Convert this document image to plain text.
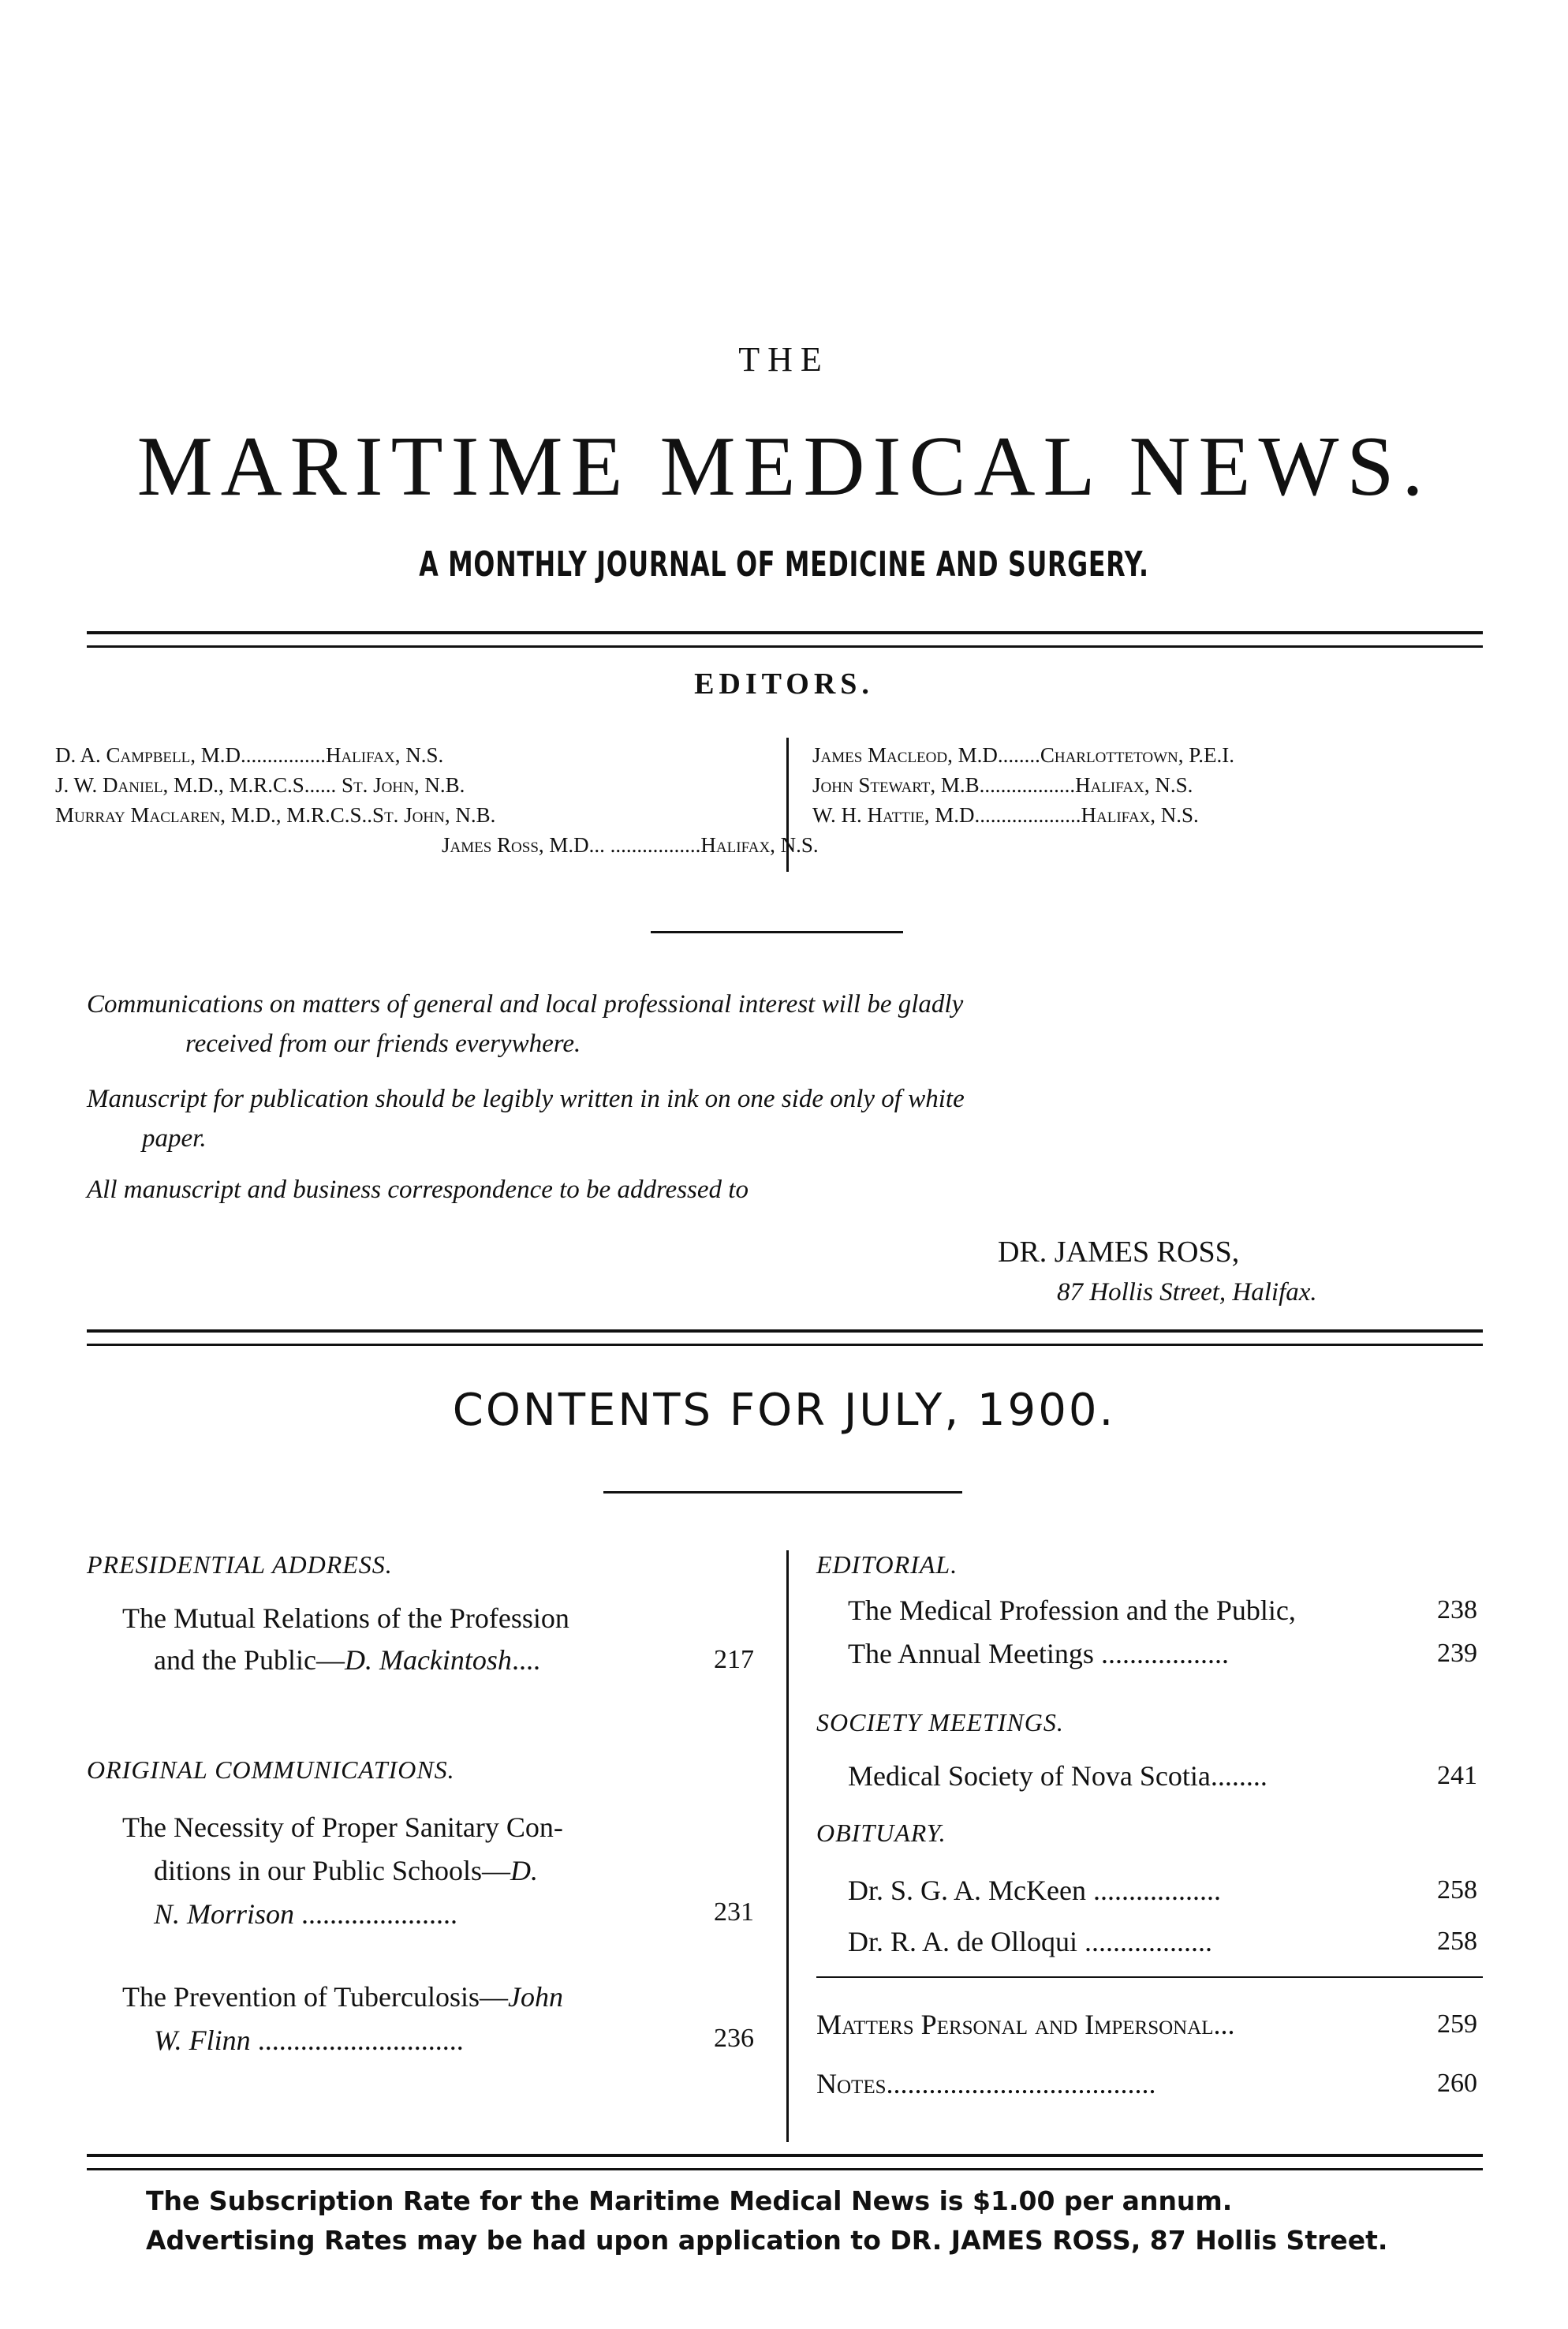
THE
MARITIME MEDICAL NEWS.
A MONTHLY JOURNAL OF MEDICINE AND SURGERY.
EDITORS.
D. A. Campbell, M.D................Halifax, N.S.
J. W. Daniel, M.D., M.R.C.S...... St. John, N.B.
Murray Maclaren, M.D., M.R.C.S..St. John, N.B.
James Macleod, M.D........Charlottetown, P.E.I.
John Stewart, M.B..................Halifax, N.S.
W. H. Hattie, M.D....................Halifax, N.S.
James Ross, M.D... .................Halifax, N.S.
Communications on matters of general and local professional interest will be gladly
received from our friends everywhere.
Manuscript for publication should be legibly written in ink on one side only of white
paper.
All manuscript and business correspondence to be addressed to
DR. JAMES ROSS,
87 Hollis Street, Halifax.
CONTENTS FOR JULY, 1900.
PRESIDENTIAL ADDRESS.
The Mutual Relations of the Profession
and the Public—D. Mackintosh....	217
ORIGINAL COMMUNICATIONS.
The Necessity of Proper Sanitary Con-
ditions in our Public Schools—D.
N. Morrison ......................	231
The Prevention of Tuberculosis—John
W. Flinn .............................	236
EDITORIAL.
The Medical Profession and the Public,	238
The Annual Meetings ..................	239
SOCIETY MEETINGS.
Medical Society of Nova Scotia........	241
OBITUARY.
Dr. S. G. A. McKeen ..................	258
Dr. R. A. de Olloqui ..................	258
Matters Personal and Impersonal...	259
Notes......................................	260
The Subscription Rate for the Maritime Medical News is $1.00 per annum.
Advertising Rates may be had upon application to DR. JAMES ROSS, 87 Hollis Street.
